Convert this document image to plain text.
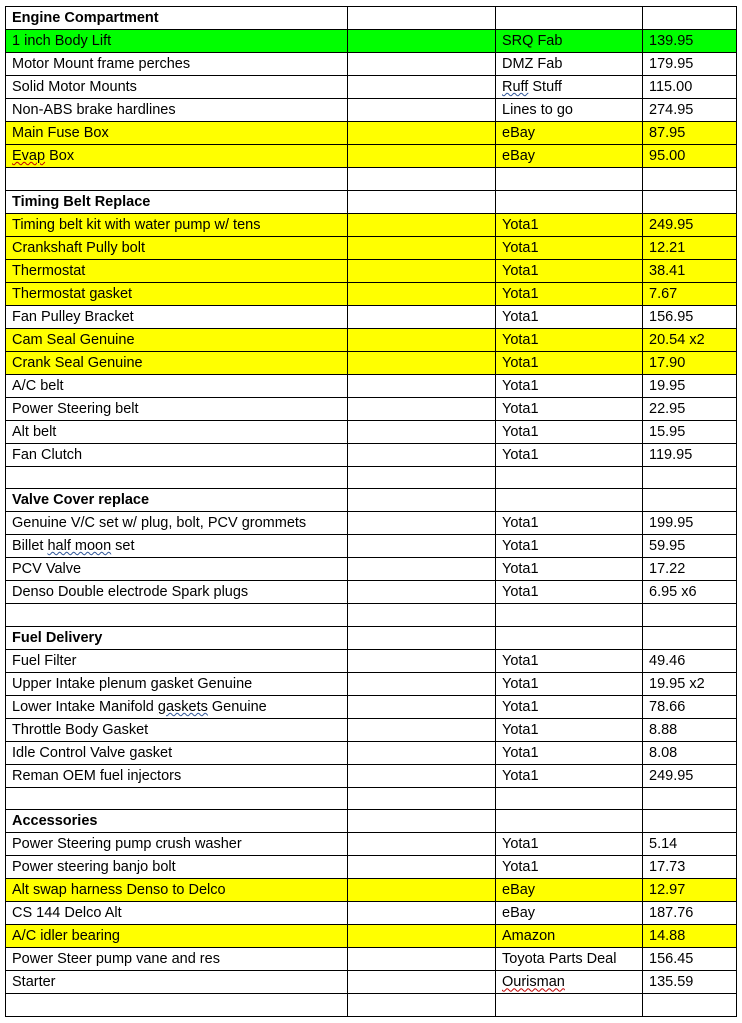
Engine Compartment			
1 inch Body Lift		SRQ Fab	139.95
Motor Mount frame perches		DMZ Fab	179.95
Solid Motor Mounts		Ruff Stuff	115.00
Non-ABS brake hardlines		Lines to go	274.95
Main Fuse Box		eBay	87.95
Evap Box		eBay	95.00

Timing Belt Replace			
Timing belt kit with water pump w/ tens		Yota1	249.95
Crankshaft Pully bolt		Yota1	12.21
Thermostat		Yota1	38.41
Thermostat gasket		Yota1	7.67
Fan Pulley Bracket		Yota1	156.95
Cam Seal Genuine		Yota1	20.54 x2
Crank Seal Genuine		Yota1	17.90
A/C belt		Yota1	19.95
Power Steering belt		Yota1	22.95
Alt belt		Yota1	15.95
Fan Clutch		Yota1	119.95

Valve Cover replace			
Genuine V/C set w/ plug, bolt, PCV grommets		Yota1	199.95
Billet half moon set		Yota1	59.95
PCV Valve		Yota1	17.22
Denso Double electrode Spark plugs		Yota1	6.95 x6

Fuel Delivery			
Fuel Filter		Yota1	49.46
Upper Intake plenum gasket Genuine		Yota1	19.95 x2
Lower Intake Manifold gaskets Genuine		Yota1	78.66
Throttle Body Gasket		Yota1	8.88
Idle Control Valve gasket		Yota1	8.08
Reman OEM fuel injectors		Yota1	249.95

Accessories			
Power Steering pump crush washer		Yota1	5.14
Power steering banjo bolt		Yota1	17.73
Alt swap harness Denso to Delco		eBay	12.97
CS 144 Delco Alt		eBay	187.76
A/C idler bearing		Amazon	14.88
Power Steer pump vane and res		Toyota Parts Deal	156.45
Starter		Ourisman	135.59
